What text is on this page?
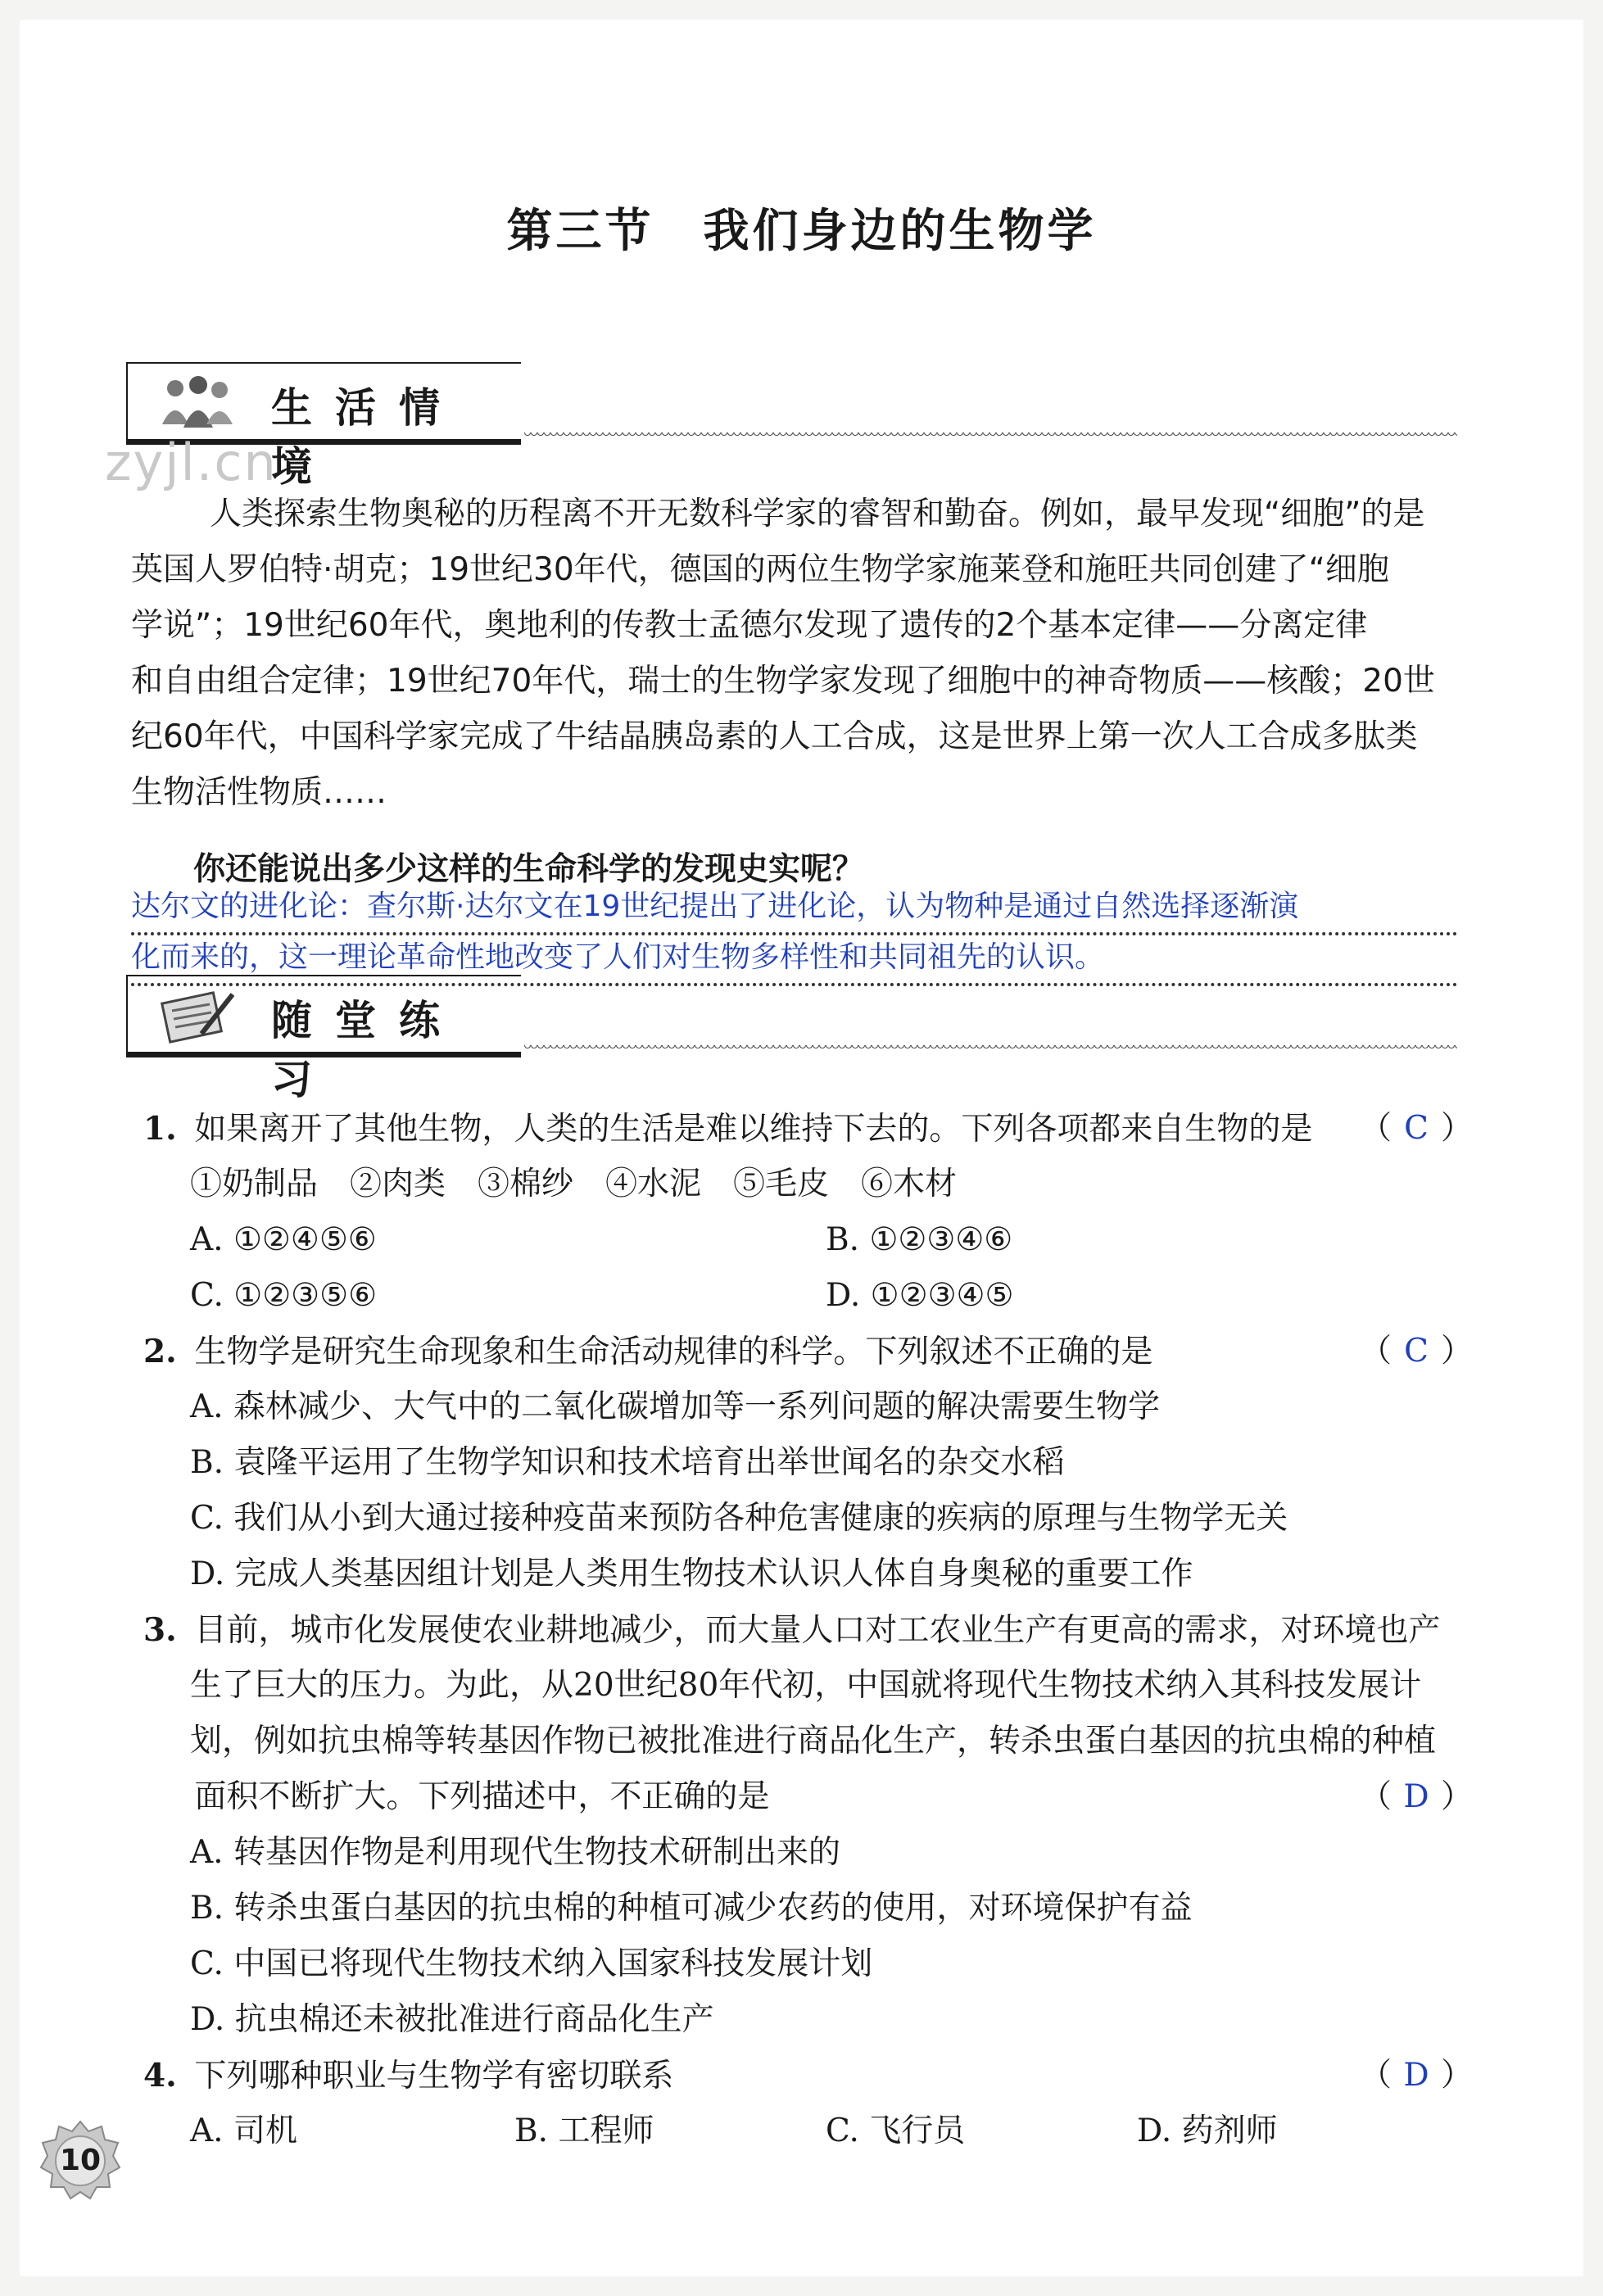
第三节　我们身边的生物学
生活情境
zyjl.cn
人类探索生物奥秘的历程离不开无数科学家的睿智和勤奋。例如，最早发现“细胞”的是
英国人罗伯特·胡克；19世纪30年代，德国的两位生物学家施莱登和施旺共同创建了“细胞
学说”；19世纪60年代，奥地利的传教士孟德尔发现了遗传的2个基本定律——分离定律
和自由组合定律；19世纪70年代，瑞士的生物学家发现了细胞中的神奇物质——核酸；20世
纪60年代，中国科学家完成了牛结晶胰岛素的人工合成，这是世界上第一次人工合成多肽类
生物活性物质……
你还能说出多少这样的生命科学的发现史实呢？
达尔文的进化论：查尔斯·达尔文在19世纪提出了进化论，认为物种是通过自然选择逐渐演
化而来的，这一理论革命性地改变了人们对生物多样性和共同祖先的认识。
随堂练习
1. 如果离开了其他生物，人类的生活是难以维持下去的。下列各项都来自生物的是 （ C ）
①奶制品　②肉类　③棉纱　④水泥　⑤毛皮　⑥木材
A. ①②④⑤⑥	B. ①②③④⑥
C. ①②③⑤⑥	D. ①②③④⑤
2. 生物学是研究生命现象和生命活动规律的科学。下列叙述不正确的是	（ C ）
A. 森林减少、大气中的二氧化碳增加等一系列问题的解决需要生物学
B. 袁隆平运用了生物学知识和技术培育出举世闻名的杂交水稻
C. 我们从小到大通过接种疫苗来预防各种危害健康的疾病的原理与生物学无关
D. 完成人类基因组计划是人类用生物技术认识人体自身奥秘的重要工作
3. 目前，城市化发展使农业耕地减少，而大量人口对工农业生产有更高的需求，对环境也产
生了巨大的压力。为此，从20世纪80年代初，中国就将现代生物技术纳入其科技发展计
划，例如抗虫棉等转基因作物已被批准进行商品化生产，转杀虫蛋白基因的抗虫棉的种植
面积不断扩大。下列描述中，不正确的是	（ D ）
A. 转基因作物是利用现代生物技术研制出来的
B. 转杀虫蛋白基因的抗虫棉的种植可减少农药的使用，对环境保护有益
C. 中国已将现代生物技术纳入国家科技发展计划
D. 抗虫棉还未被批准进行商品化生产
4. 下列哪种职业与生物学有密切联系	（ D ）
A. 司机	B. 工程师	C. 飞行员	D. 药剂师
10
